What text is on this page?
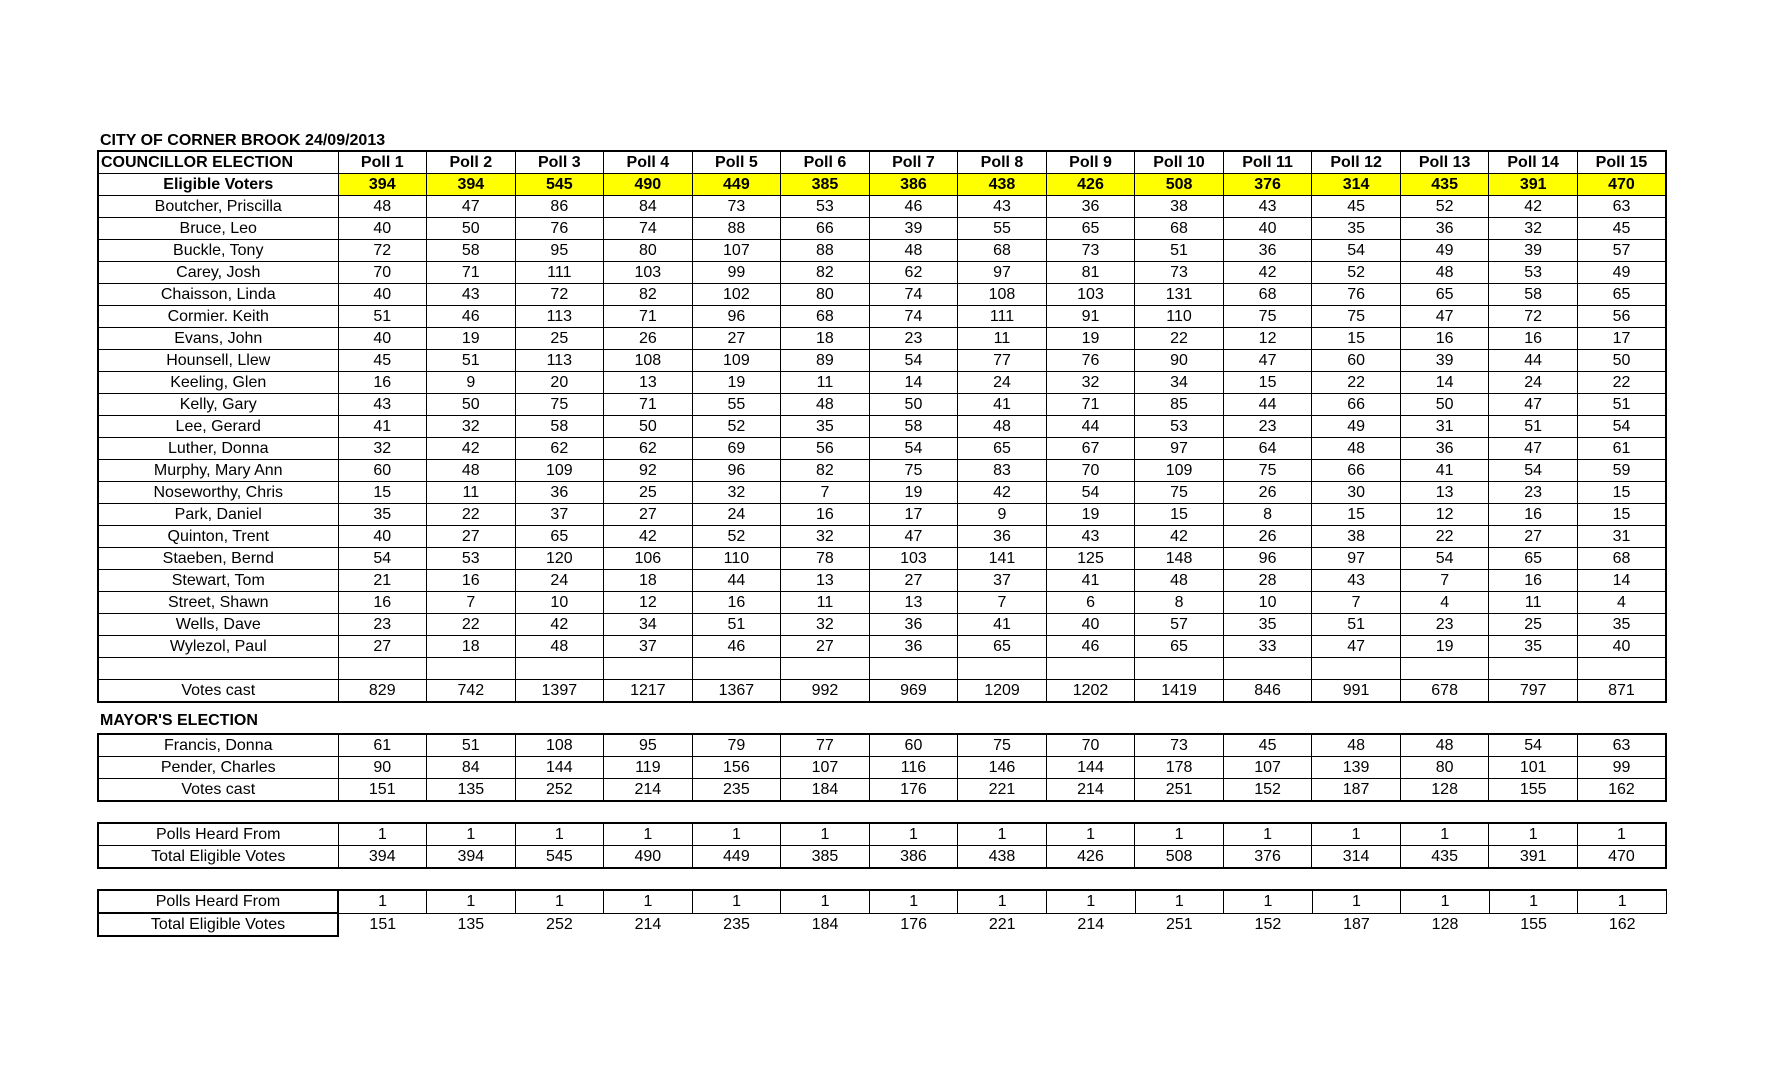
CITY OF CORNER BROOK 24/09/2013
COUNCILLOR ELECTION	Poll 1	Poll 2	Poll 3	Poll 4	Poll 5	Poll 6	Poll 7	Poll 8	Poll 9	Poll 10	Poll 11	Poll 12	Poll 13	Poll 14	Poll 15
Eligible Voters	394	394	545	490	449	385	386	438	426	508	376	314	435	391	470
Boutcher, Priscilla	48	47	86	84	73	53	46	43	36	38	43	45	52	42	63
Bruce, Leo	40	50	76	74	88	66	39	55	65	68	40	35	36	32	45
Buckle, Tony	72	58	95	80	107	88	48	68	73	51	36	54	49	39	57
Carey, Josh	70	71	111	103	99	82	62	97	81	73	42	52	48	53	49
Chaisson, Linda	40	43	72	82	102	80	74	108	103	131	68	76	65	58	65
Cormier. Keith	51	46	113	71	96	68	74	111	91	110	75	75	47	72	56
Evans, John	40	19	25	26	27	18	23	11	19	22	12	15	16	16	17
Hounsell, Llew	45	51	113	108	109	89	54	77	76	90	47	60	39	44	50
Keeling, Glen	16	9	20	13	19	11	14	24	32	34	15	22	14	24	22
Kelly, Gary	43	50	75	71	55	48	50	41	71	85	44	66	50	47	51
Lee, Gerard	41	32	58	50	52	35	58	48	44	53	23	49	31	51	54
Luther, Donna	32	42	62	62	69	56	54	65	67	97	64	48	36	47	61
Murphy, Mary Ann	60	48	109	92	96	82	75	83	70	109	75	66	41	54	59
Noseworthy, Chris	15	11	36	25	32	7	19	42	54	75	26	30	13	23	15
Park, Daniel	35	22	37	27	24	16	17	9	19	15	8	15	12	16	15
Quinton, Trent	40	27	65	42	52	32	47	36	43	42	26	38	22	27	31
Staeben, Bernd	54	53	120	106	110	78	103	141	125	148	96	97	54	65	68
Stewart, Tom	21	16	24	18	44	13	27	37	41	48	28	43	7	16	14
Street, Shawn	16	7	10	12	16	11	13	7	6	8	10	7	4	11	4
Wells, Dave	23	22	42	34	51	32	36	41	40	57	35	51	23	25	35
Wylezol, Paul	27	18	48	37	46	27	36	65	46	65	33	47	19	35	40

Votes cast	829	742	1397	1217	1367	992	969	1209	1202	1419	846	991	678	797	871
MAYOR'S ELECTION
Francis, Donna	61	51	108	95	79	77	60	75	70	73	45	48	48	54	63
Pender, Charles	90	84	144	119	156	107	116	146	144	178	107	139	80	101	99
Votes cast	151	135	252	214	235	184	176	221	214	251	152	187	128	155	162
Polls Heard From	1	1	1	1	1	1	1	1	1	1	1	1	1	1	1
Total Eligible Votes	394	394	545	490	449	385	386	438	426	508	376	314	435	391	470
Polls Heard From	1	1	1	1	1	1	1	1	1	1	1	1	1	1	1
Total Eligible Votes	151	135	252	214	235	184	176	221	214	251	152	187	128	155	162
